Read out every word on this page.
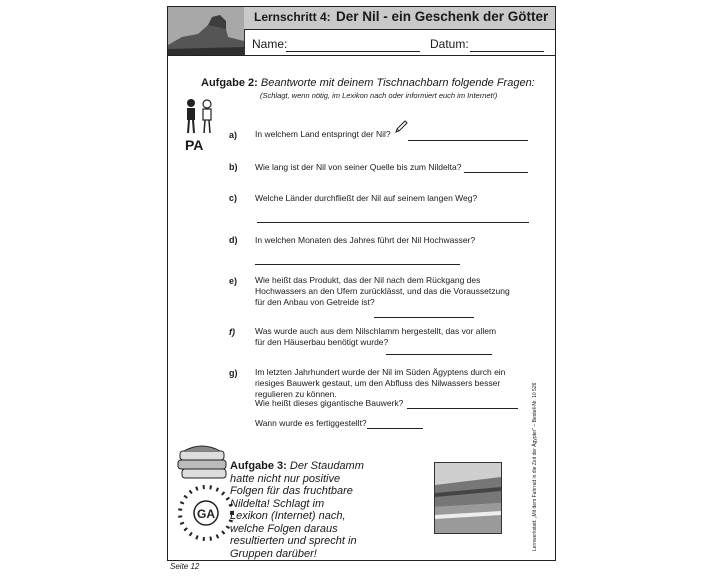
Lernschritt 4: Der Nil - ein Geschenk der Götter
Name:	Datum:
Aufgabe 2: Beantworte mit deinem Tischnachbarn folgende Fragen:
(Schlagt, wenn nötig, im Lexikon nach oder informiert euch im Internet!)
PA
a) In welchem Land entspringt der Nil?
b) Wie lang ist der Nil von seiner Quelle bis zum Nildelta?
c) Welche Länder durchfließt der Nil auf seinem langen Weg?
d) In welchen Monaten des Jahres führt der Nil Hochwasser?
e) Wie heißt das Produkt, das der Nil nach dem Rückgang des Hochwassers an den Ufern zurücklässt, und das die Voraussetzung für den Anbau von Getreide ist?
f) Was wurde auch aus dem Nilschlamm hergestellt, das vor allem für den Häuserbau benötigt wurde?
g) Im letzten Jahrhundert wurde der Nil im Süden Ägyptens durch ein riesiges Bauwerk gestaut, um den Abfluss des Nilwassers besser regulieren zu können.
Wie heißt dieses gigantische Bauwerk?
Wann wurde es fertiggestellt?
GA
Aufgabe 3: Der Staudamm hatte nicht nur positive Folgen für das fruchtbare Nildelta! Schlagt im Lexikon (Internet) nach, welche Folgen daraus resultierten und sprecht in Gruppen darüber!
Lernwerkstatt: „Mit dem Fahrrad in die Zeit der Ägypter“ – Bestell-Nr. 10 526
Seite 12
